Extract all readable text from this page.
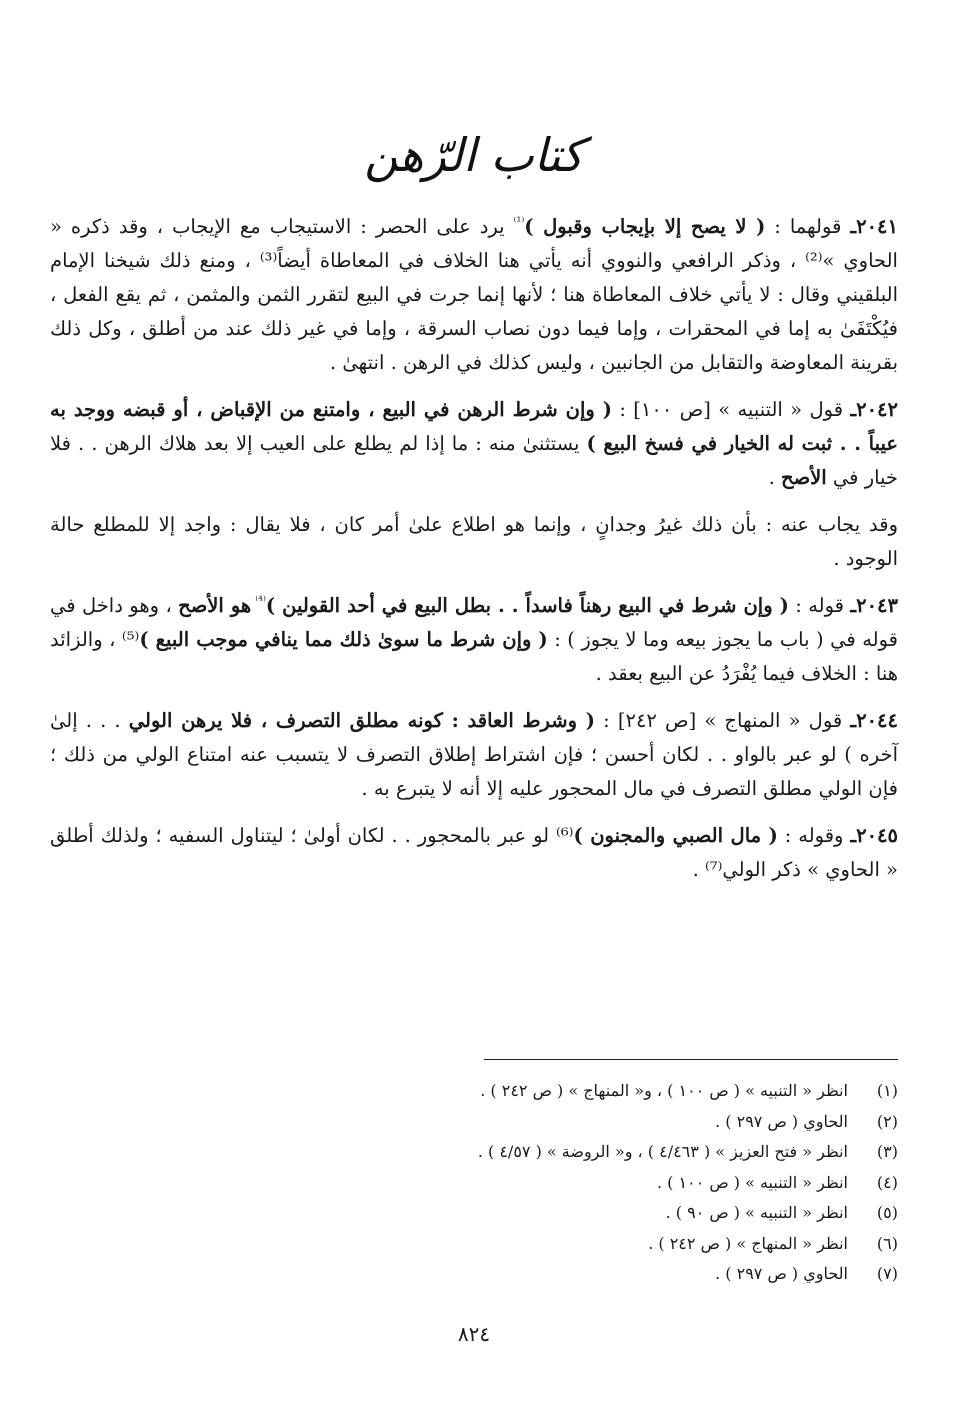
كتاب الرّهن

٢٠٤١ـ قولهما : ( لا يصح إلا بإيجاب وقبول )$^{^{(1)}}$ يرد على الحصر : الاستيجاب مع الإيجاب ، وقد ذكره « الحاوي »⁽²⁾ ، وذكر الرافعي والنووي أنه يأتي هنا الخلاف في المعاطاة أيضاً⁽³⁾ ، ومنع ذلك شيخنا الإمام البلقيني وقال : لا يأتي خلاف المعاطاة هنا ؛ لأنها إنما جرت في البيع لتقرر الثمن والمثمن ، ثم يقع الفعل ، فيُكْتَفَىٰ به إما في المحقرات ، وإما فيما دون نصاب السرقة ، وإما في غير ذلك عند من أطلق ، وكل ذلك بقرينة المعاوضة والتقابل من الجانبين ، وليس كذلك في الرهن . انتهىٰ .

٢٠٤٢ـ قول « التنبيه » [ص ١٠٠] : ( وإن شرط الرهن في البيع ، وامتنع من الإقباض ، أو قبضه ووجد به عيباً . . ثبت له الخيار في فسخ البيع ) يستثنىٰ منه : ما إذا لم يطلع على العيب إلا بعد هلاك الرهن . . فلا خيار في الأصح .

وقد يجاب عنه : بأن ذلك غيرُ وجدانٍ ، وإنما هو اطلاع علىٰ أمر كان ، فلا يقال : واجد إلا للمطلع حالة الوجود .

٢٠٤٣ـ قوله : ( وإن شرط في البيع رهناً فاسداً . . بطل البيع في أحد القولين )$^{^{(4)}}$ هو الأصح ، وهو داخل في قوله في ( باب ما يجوز بيعه وما لا يجوز ) : ( وإن شرط ما سوىٰ ذلك مما ينافي موجب البيع )⁽⁵⁾ ، والزائد هنا : الخلاف فيما يُفْرَدُ عن البيع بعقد .

٢٠٤٤ـ قول « المنهاج » [ص ٢٤٢] : ( وشرط العاقد : كونه مطلق التصرف ، فلا يرهن الولي . . . إلىٰ آخره ) لو عبر بالواو . . لكان أحسن ؛ فإن اشتراط إطلاق التصرف لا يتسبب عنه امتناع الولي من ذلك ؛ فإن الولي مطلق التصرف في مال المحجور عليه إلا أنه لا يتبرع به .

٢٠٤٥ـ وقوله : ( مال الصبي والمجنون )⁽⁶⁾ لو عبر بالمحجور . . لكان أولىٰ ؛ ليتناول السفيه ؛ ولذلك أطلق « الحاوي » ذكر الولي⁽⁷⁾ .

(١)
انظر « التنبيه » ( ص ١٠٠ ) ، و« المنهاج » ( ص ٢٤٢ ) .
(٢)
الحاوي ( ص ٢٩٧ ) .
(٣)
انظر « فتح العزيز » ( ٤/٤٦٣ ) ، و« الروضة » ( ٤/٥٧ ) .
(٤)
انظر « التنبيه » ( ص ١٠٠ ) .
(٥)
انظر « التنبيه » ( ص ٩٠ ) .
(٦)
انظر « المنهاج » ( ص ٢٤٢ ) .
(٧)
الحاوي ( ص ٢٩٧ ) .
٨٢٤
